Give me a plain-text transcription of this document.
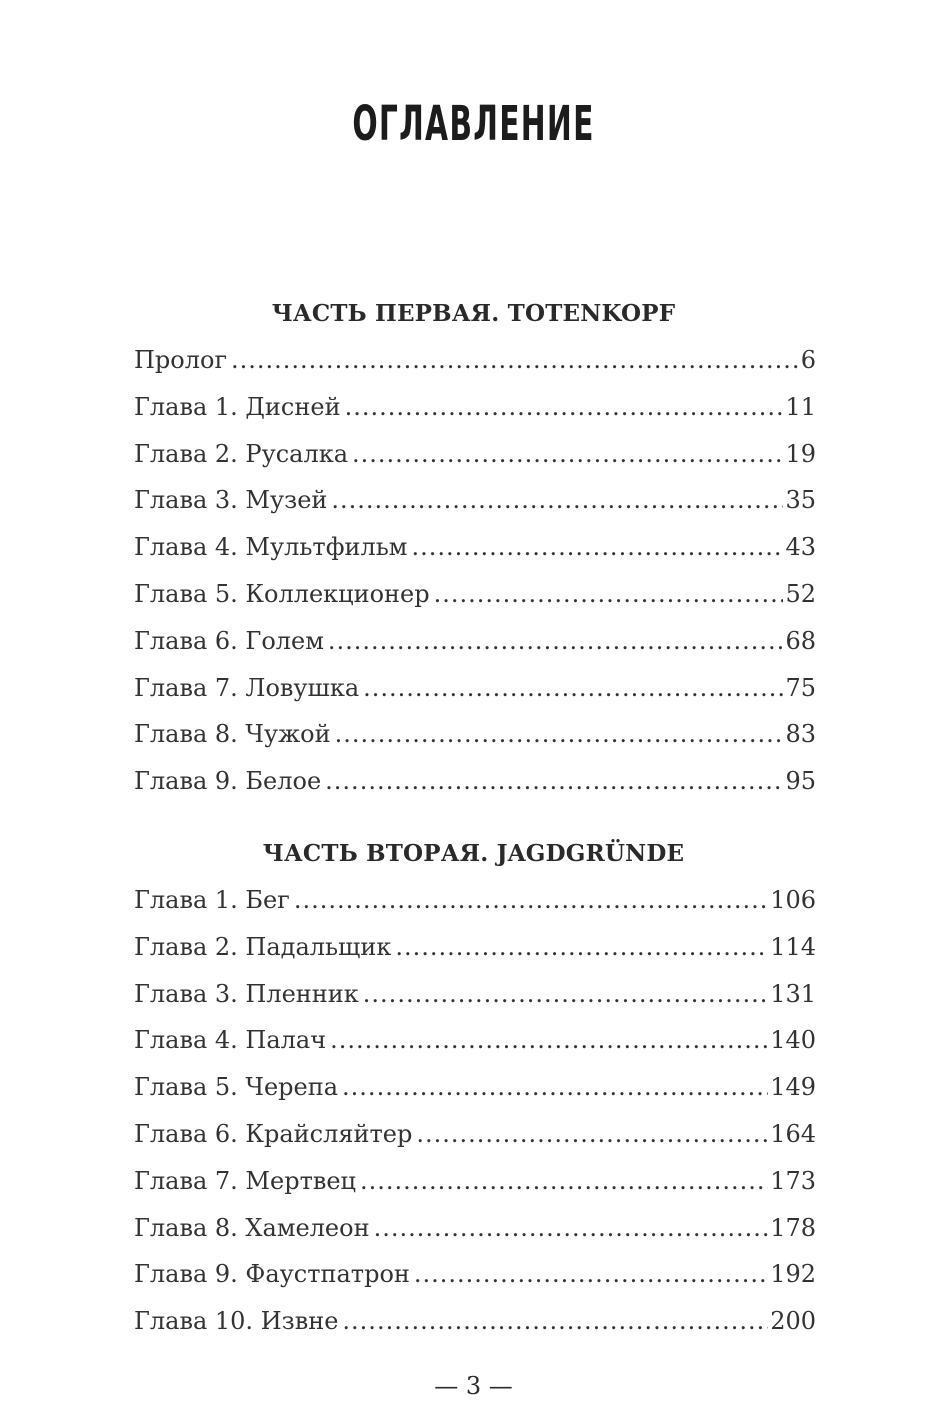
ОГЛАВЛЕНИЕ
ЧАСТЬ ПЕРВАЯ. TOTENKOPF
Пролог .....	6
Глава 1. Дисней .....	11
Глава 2. Русалка .....	19
Глава 3. Музей .....	35
Глава 4. Мультфильм .....	43
Глава 5. Коллекционер .....	52
Глава 6. Голем .....	68
Глава 7. Ловушка .....	75
Глава 8. Чужой .....	83
Глава 9. Белое .....	95
ЧАСТЬ ВТОРАЯ. JAGDGRÜNDE
Глава 1. Бег .....	106
Глава 2. Падальщик .....	114
Глава 3. Пленник .....	131
Глава 4. Палач .....	140
Глава 5. Черепа .....	149
Глава 6. Крайсляйтер .....	164
Глава 7. Мертвец .....	173
Глава 8. Хамелеон .....	178
Глава 9. Фаустпатрон .....	192
Глава 10. Извне .....	200
— 3 —
